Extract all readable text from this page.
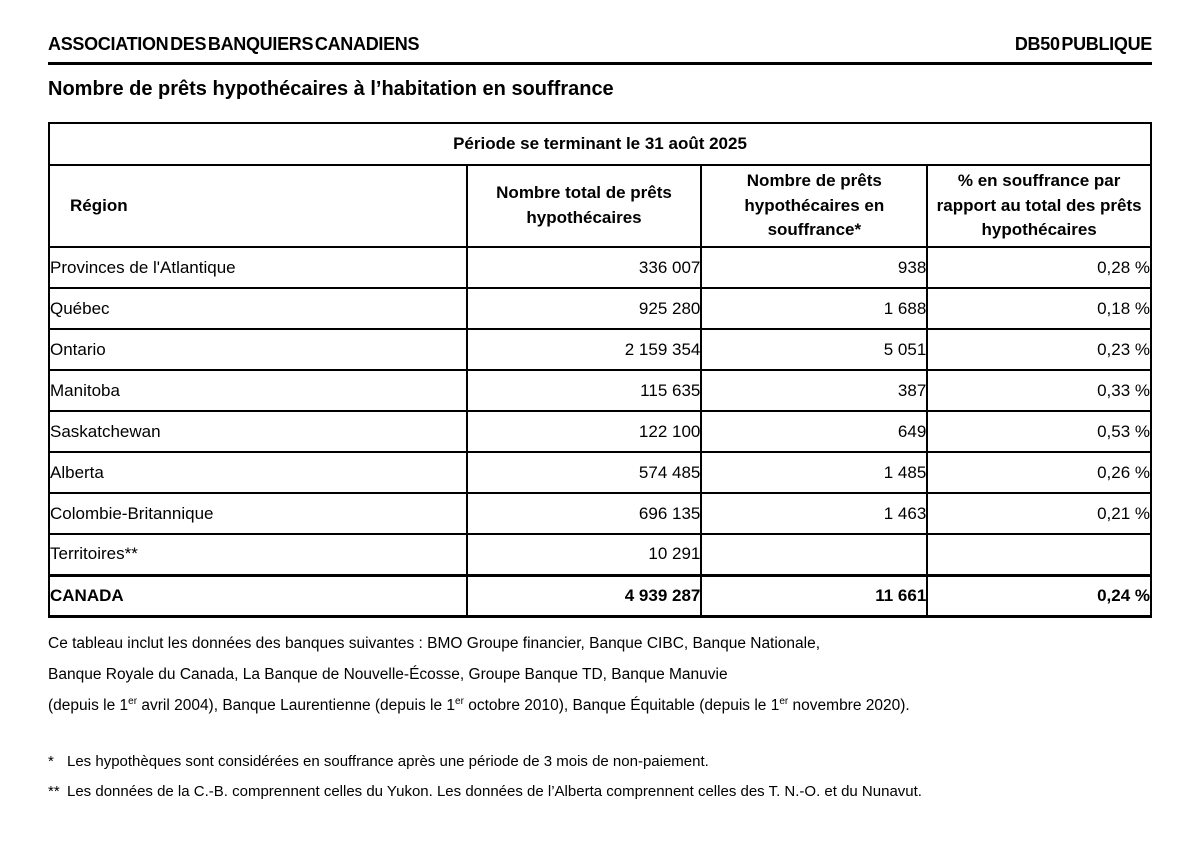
ASSOCIATION DES BANQUIERS CANADIENS	DB50 PUBLIQUE
Nombre de prêts hypothécaires à l’habitation en souffrance
Période se terminant le 31 août 2025			
Région	Nombre total de prêts hypothécaires	Nombre de prêts hypothécaires en souffrance*	% en souffrance par rapport au total des prêts hypothécaires
Provinces de l'Atlantique	336 007	938	0,28 %
Québec	925 280	1 688	0,18 %
Ontario	2 159 354	5 051	0,23 %
Manitoba	115 635	387	0,33 %
Saskatchewan	122 100	649	0,53 %
Alberta	574 485	1 485	0,26 %
Colombie-Britannique	696 135	1 463	0,21 %
Territoires**	10 291		
CANADA	4 939 287	11 661	0,24 %

Ce tableau inclut les données des banques suivantes : BMO Groupe financier, Banque CIBC, Banque Nationale,

Banque Royale du Canada, La Banque de Nouvelle-Écosse, Groupe Banque TD, Banque Manuvie

(depuis le 1er avril 2004), Banque Laurentienne (depuis le 1er octobre 2010), Banque Équitable (depuis le 1er novembre 2020).

* Les hypothèques sont considérées en souffrance après une période de 3 mois de non-paiement.
** Les données de la C.-B. comprennent celles du Yukon. Les données de l’Alberta comprennent celles des T. N.-O. et du Nunavut.
